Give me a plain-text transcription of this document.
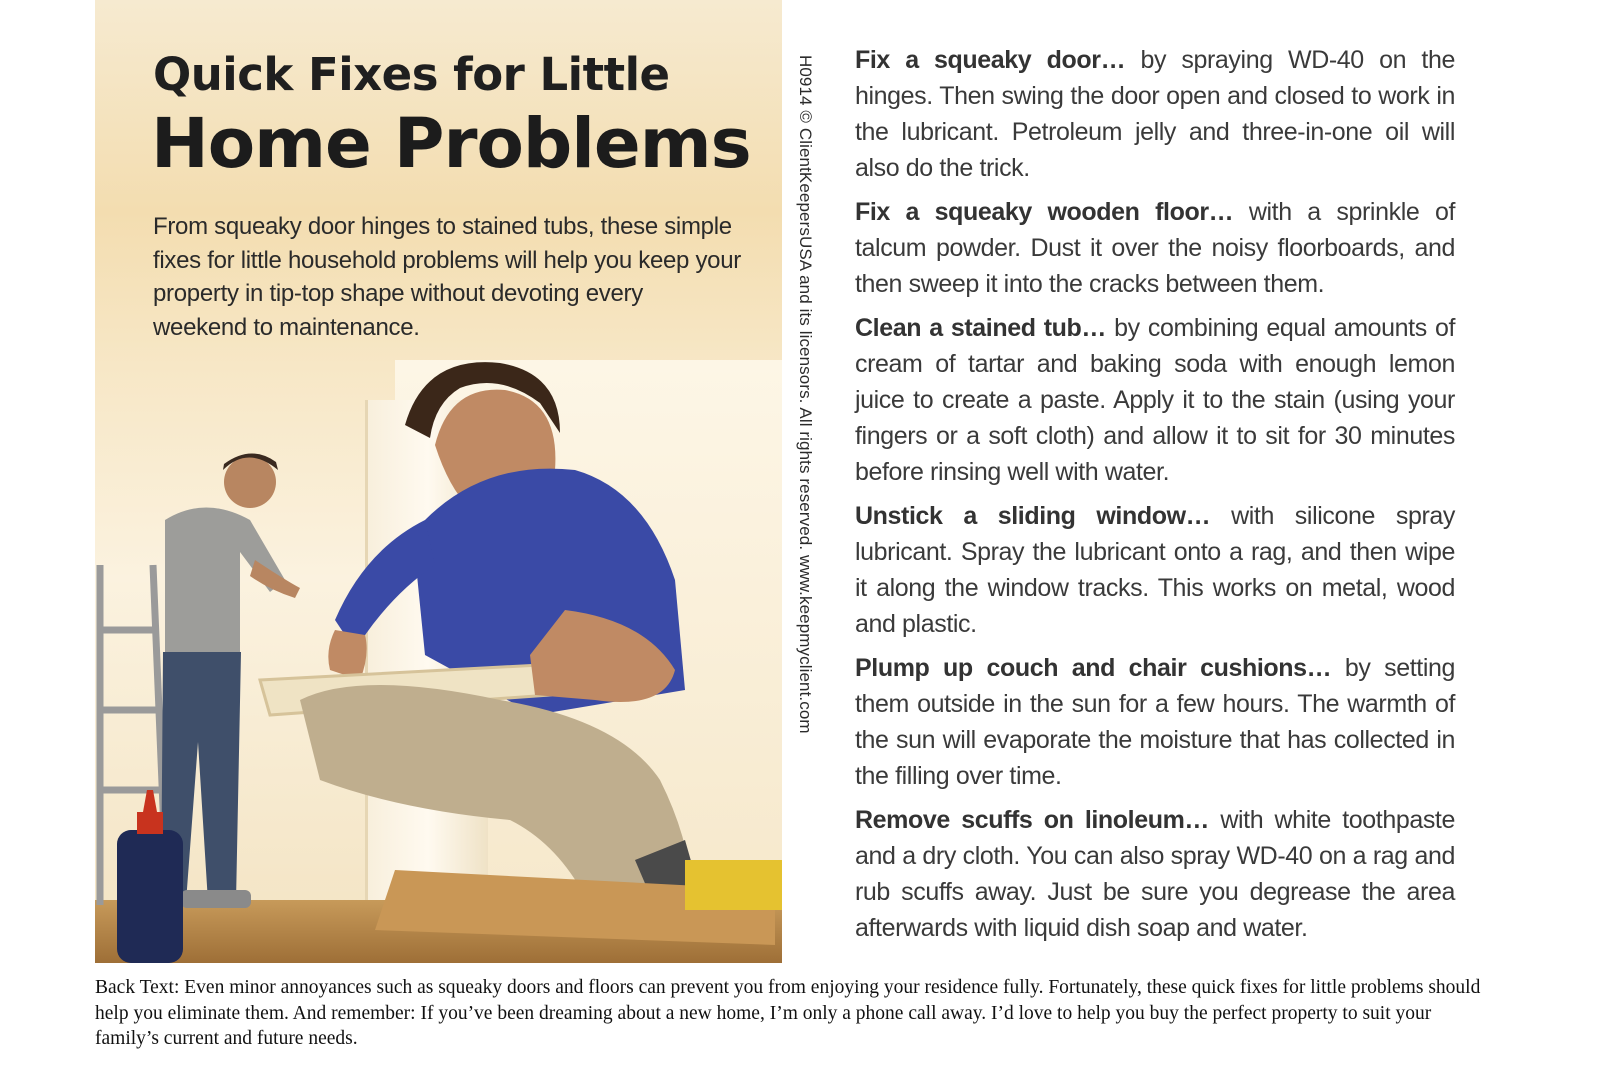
Quick Fixes for Little
Home Problems

From squeaky door hinges to stained tubs, these simple fixes for little household problems will help you keep your property in tip-top shape without devoting every weekend to maintenance.	H0914 © ClientKeepersUSA and its licensors. All rights reserved. www.keepmyclient.com Fix a squeaky door… by spraying WD-40 on the hinges. Then swing the door open and closed to work in the lubricant. Petroleum jelly and three-in-one oil will also do the trick.

Fix a squeaky wooden floor… with a sprinkle of talcum powder. Dust it over the noisy floorboards, and then sweep it into the cracks between them.

Clean a stained tub… by combining equal amounts of cream of tartar and baking soda with enough lemon juice to create a paste. Apply it to the stain (using your fingers or a soft cloth) and allow it to sit for 30 minutes before rinsing well with water.

Unstick a sliding window… with silicone spray lubricant. Spray the lubricant onto a rag, and then wipe it along the window tracks. This works on metal, wood and plastic.

Plump up couch and chair cushions… by setting them outside in the sun for a few hours. The warmth of the sun will evaporate the moisture that has collected in the filling over time.

Remove scuffs on linoleum… with white toothpaste and a dry cloth. You can also spray WD-40 on a rag and rub scuffs away. Just be sure you degrease the area afterwards with liquid dish soap and water.

Back Text: Even minor annoyances such as squeaky doors and floors can prevent you from enjoying your residence fully. Fortunately, these quick fixes for little problems should help you eliminate them. And remember: If you’ve been dreaming about a new home, I’m only a phone call away. I’d love to help you buy the perfect property to suit your family’s current and future needs.
